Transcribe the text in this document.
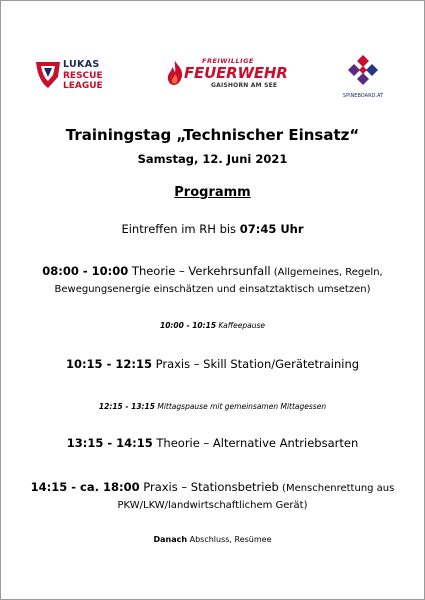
LUKAS
RESCUE
LEAGUE
FREIWILLIGE
FEUERWEHR
GAISHORN AM SEE
SPINEBOARD.AT
Trainingstag „Technischer Einsatz“
Samstag, 12. Juni 2021
Programm
Eintreffen im RH bis 07:45 Uhr
08:00 - 10:00 Theorie – Verkehrsunfall (Allgemeines, Regeln,
Bewegungsenergie einschätzen und einsatztaktisch umsetzen)
10:00 - 10:15 Kaffeepause
10:15 - 12:15 Praxis – Skill Station/Gerätetraining
12:15 - 13:15 Mittagspause mit gemeinsamen Mittagessen
13:15 - 14:15 Theorie – Alternative Antriebsarten
14:15 - ca. 18:00 Praxis – Stationsbetrieb (Menschenrettung aus
PKW/LKW/landwirtschaftlichem Gerät)
Danach Abschluss, Resümee
